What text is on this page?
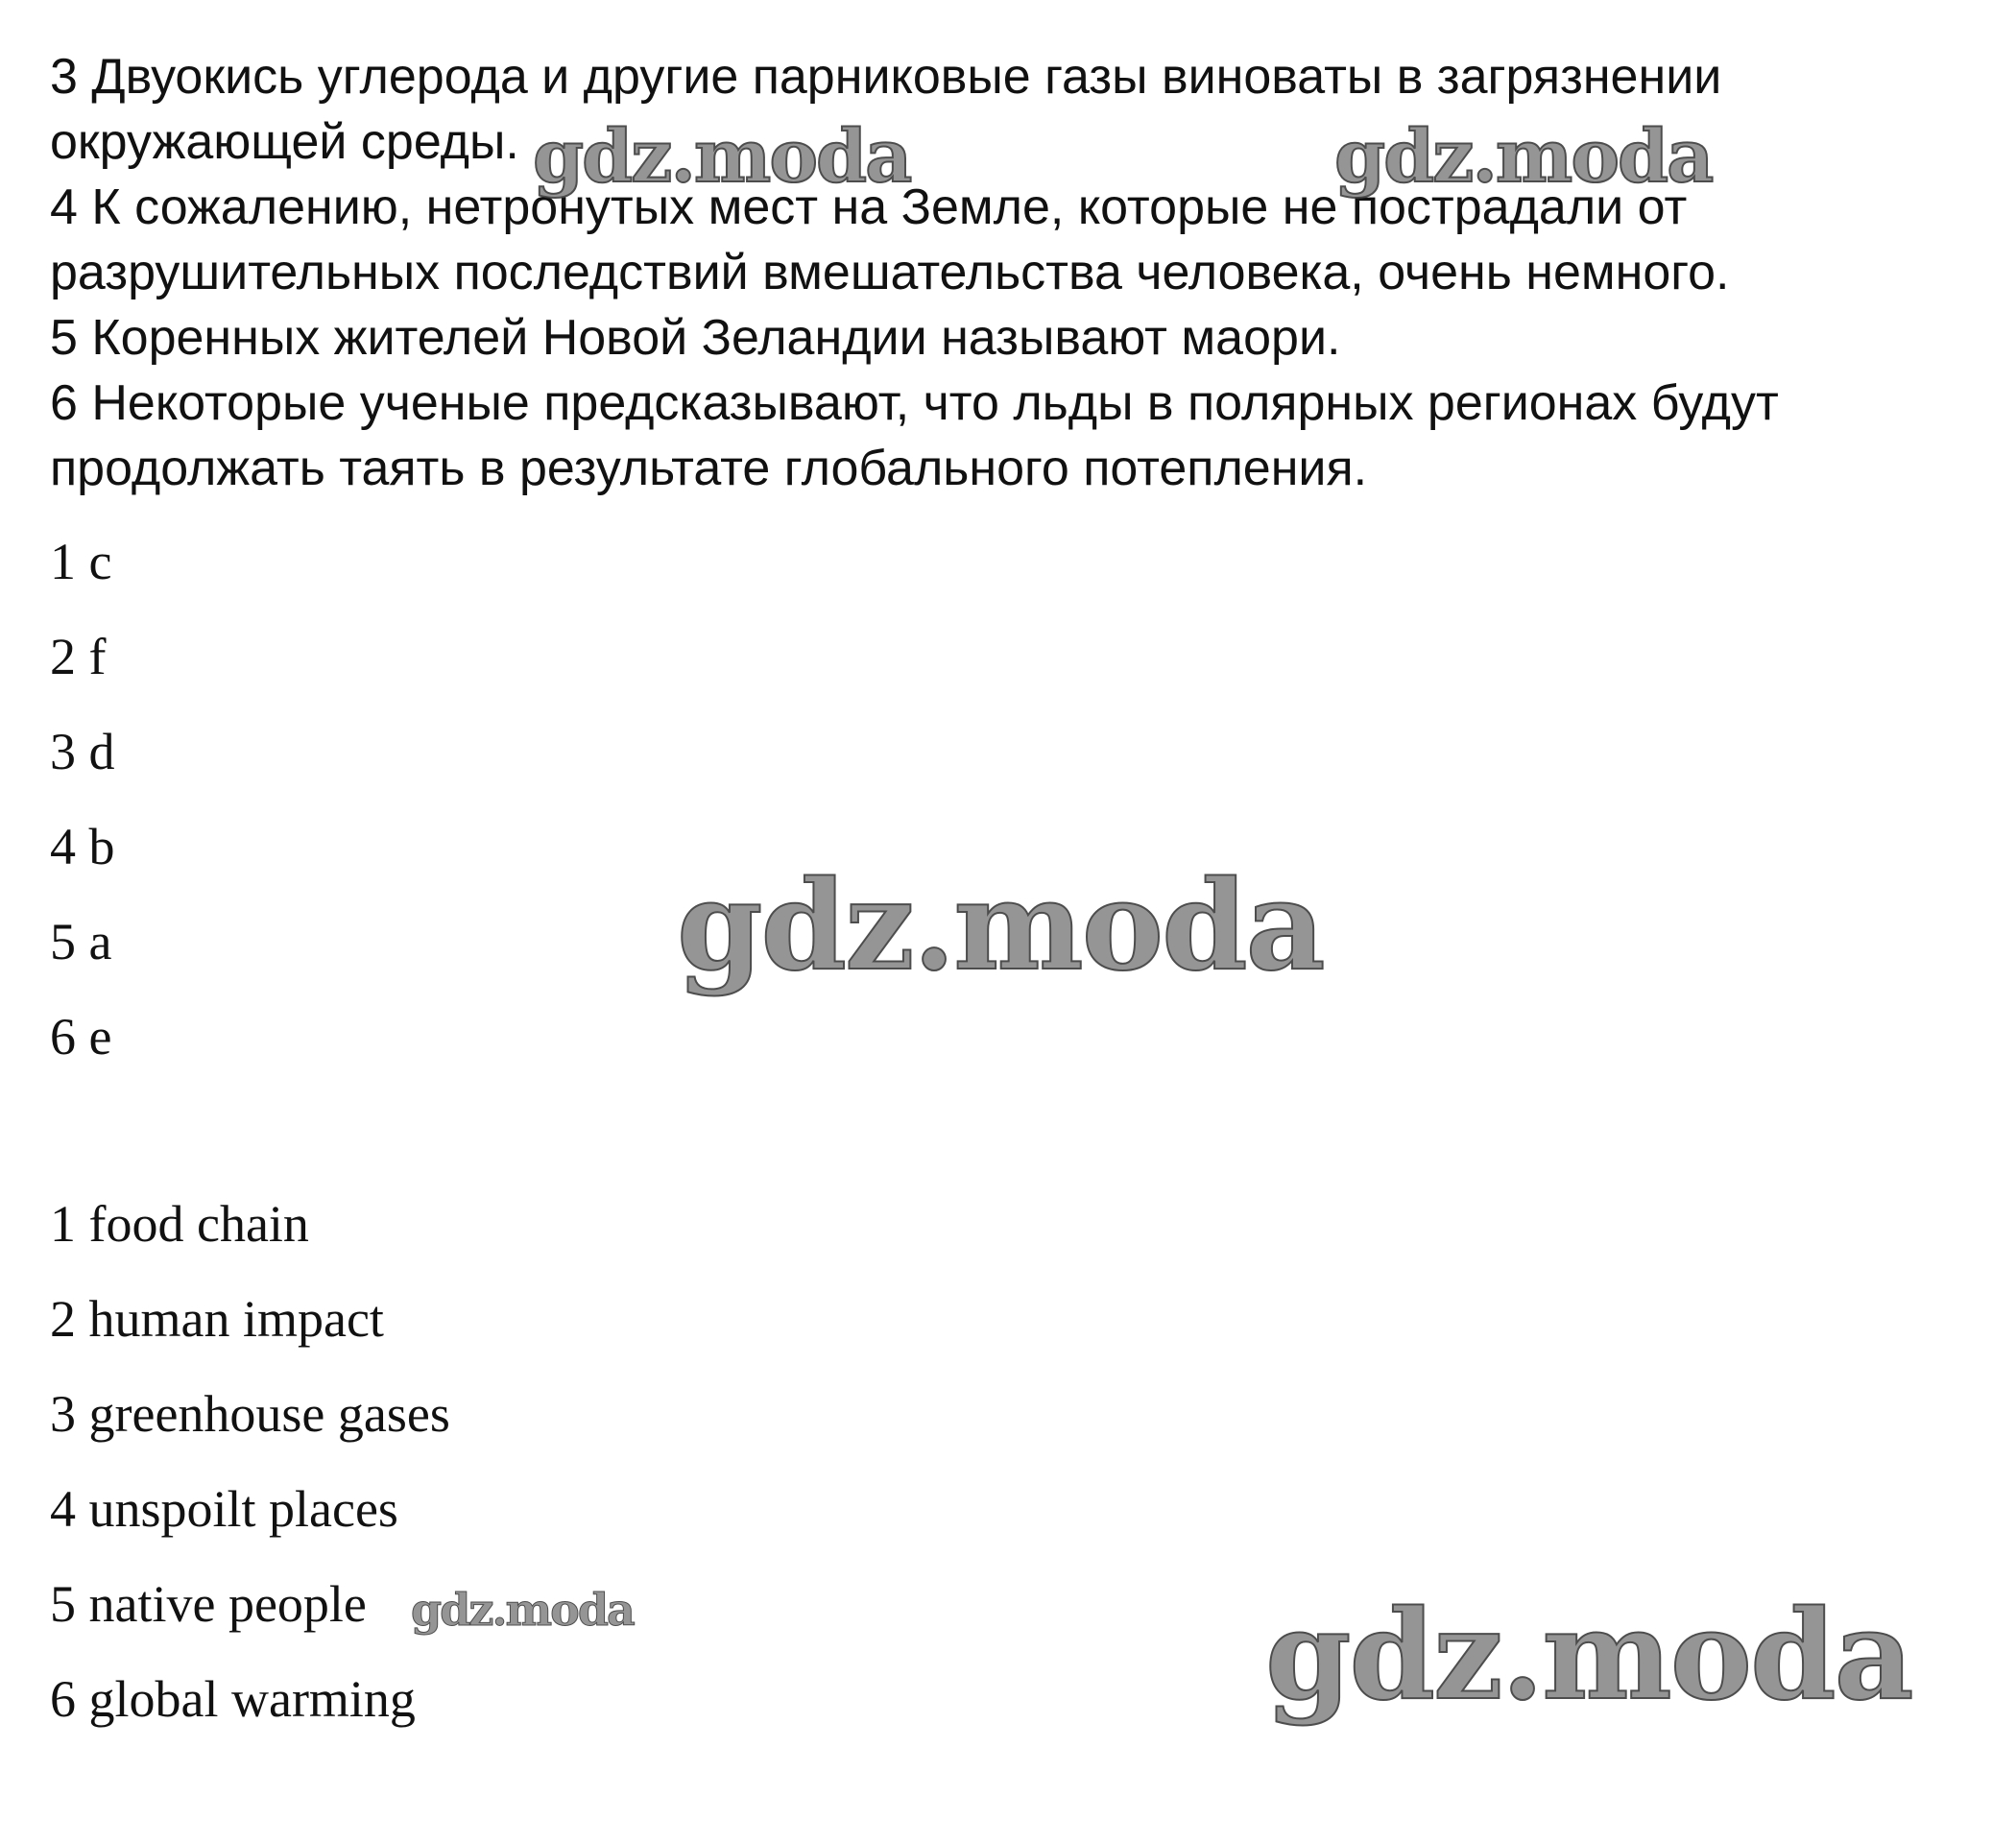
3 Двуокись углерода и другие парниковые газы виноваты в загрязнении окружающей среды.

4 К сожалению, нетронутых мест на Земле, которые не пострадали от разрушительных последствий вмешательства человека, очень немного.

5 Коренных жителей Новой Зеландии называют маори.

6 Некоторые ученые предсказывают, что льды в полярных регионах будут продолжать таять в результате глобального потепления.

1 c
2 f
3 d
4 b
5 a
6 e
1 food chain
2 human impact
3 greenhouse gases
4 unspoilt places
5 native people
6 global warming
gdz.moda	gdz.moda
gdz.moda
gdz.moda	gdz.moda
